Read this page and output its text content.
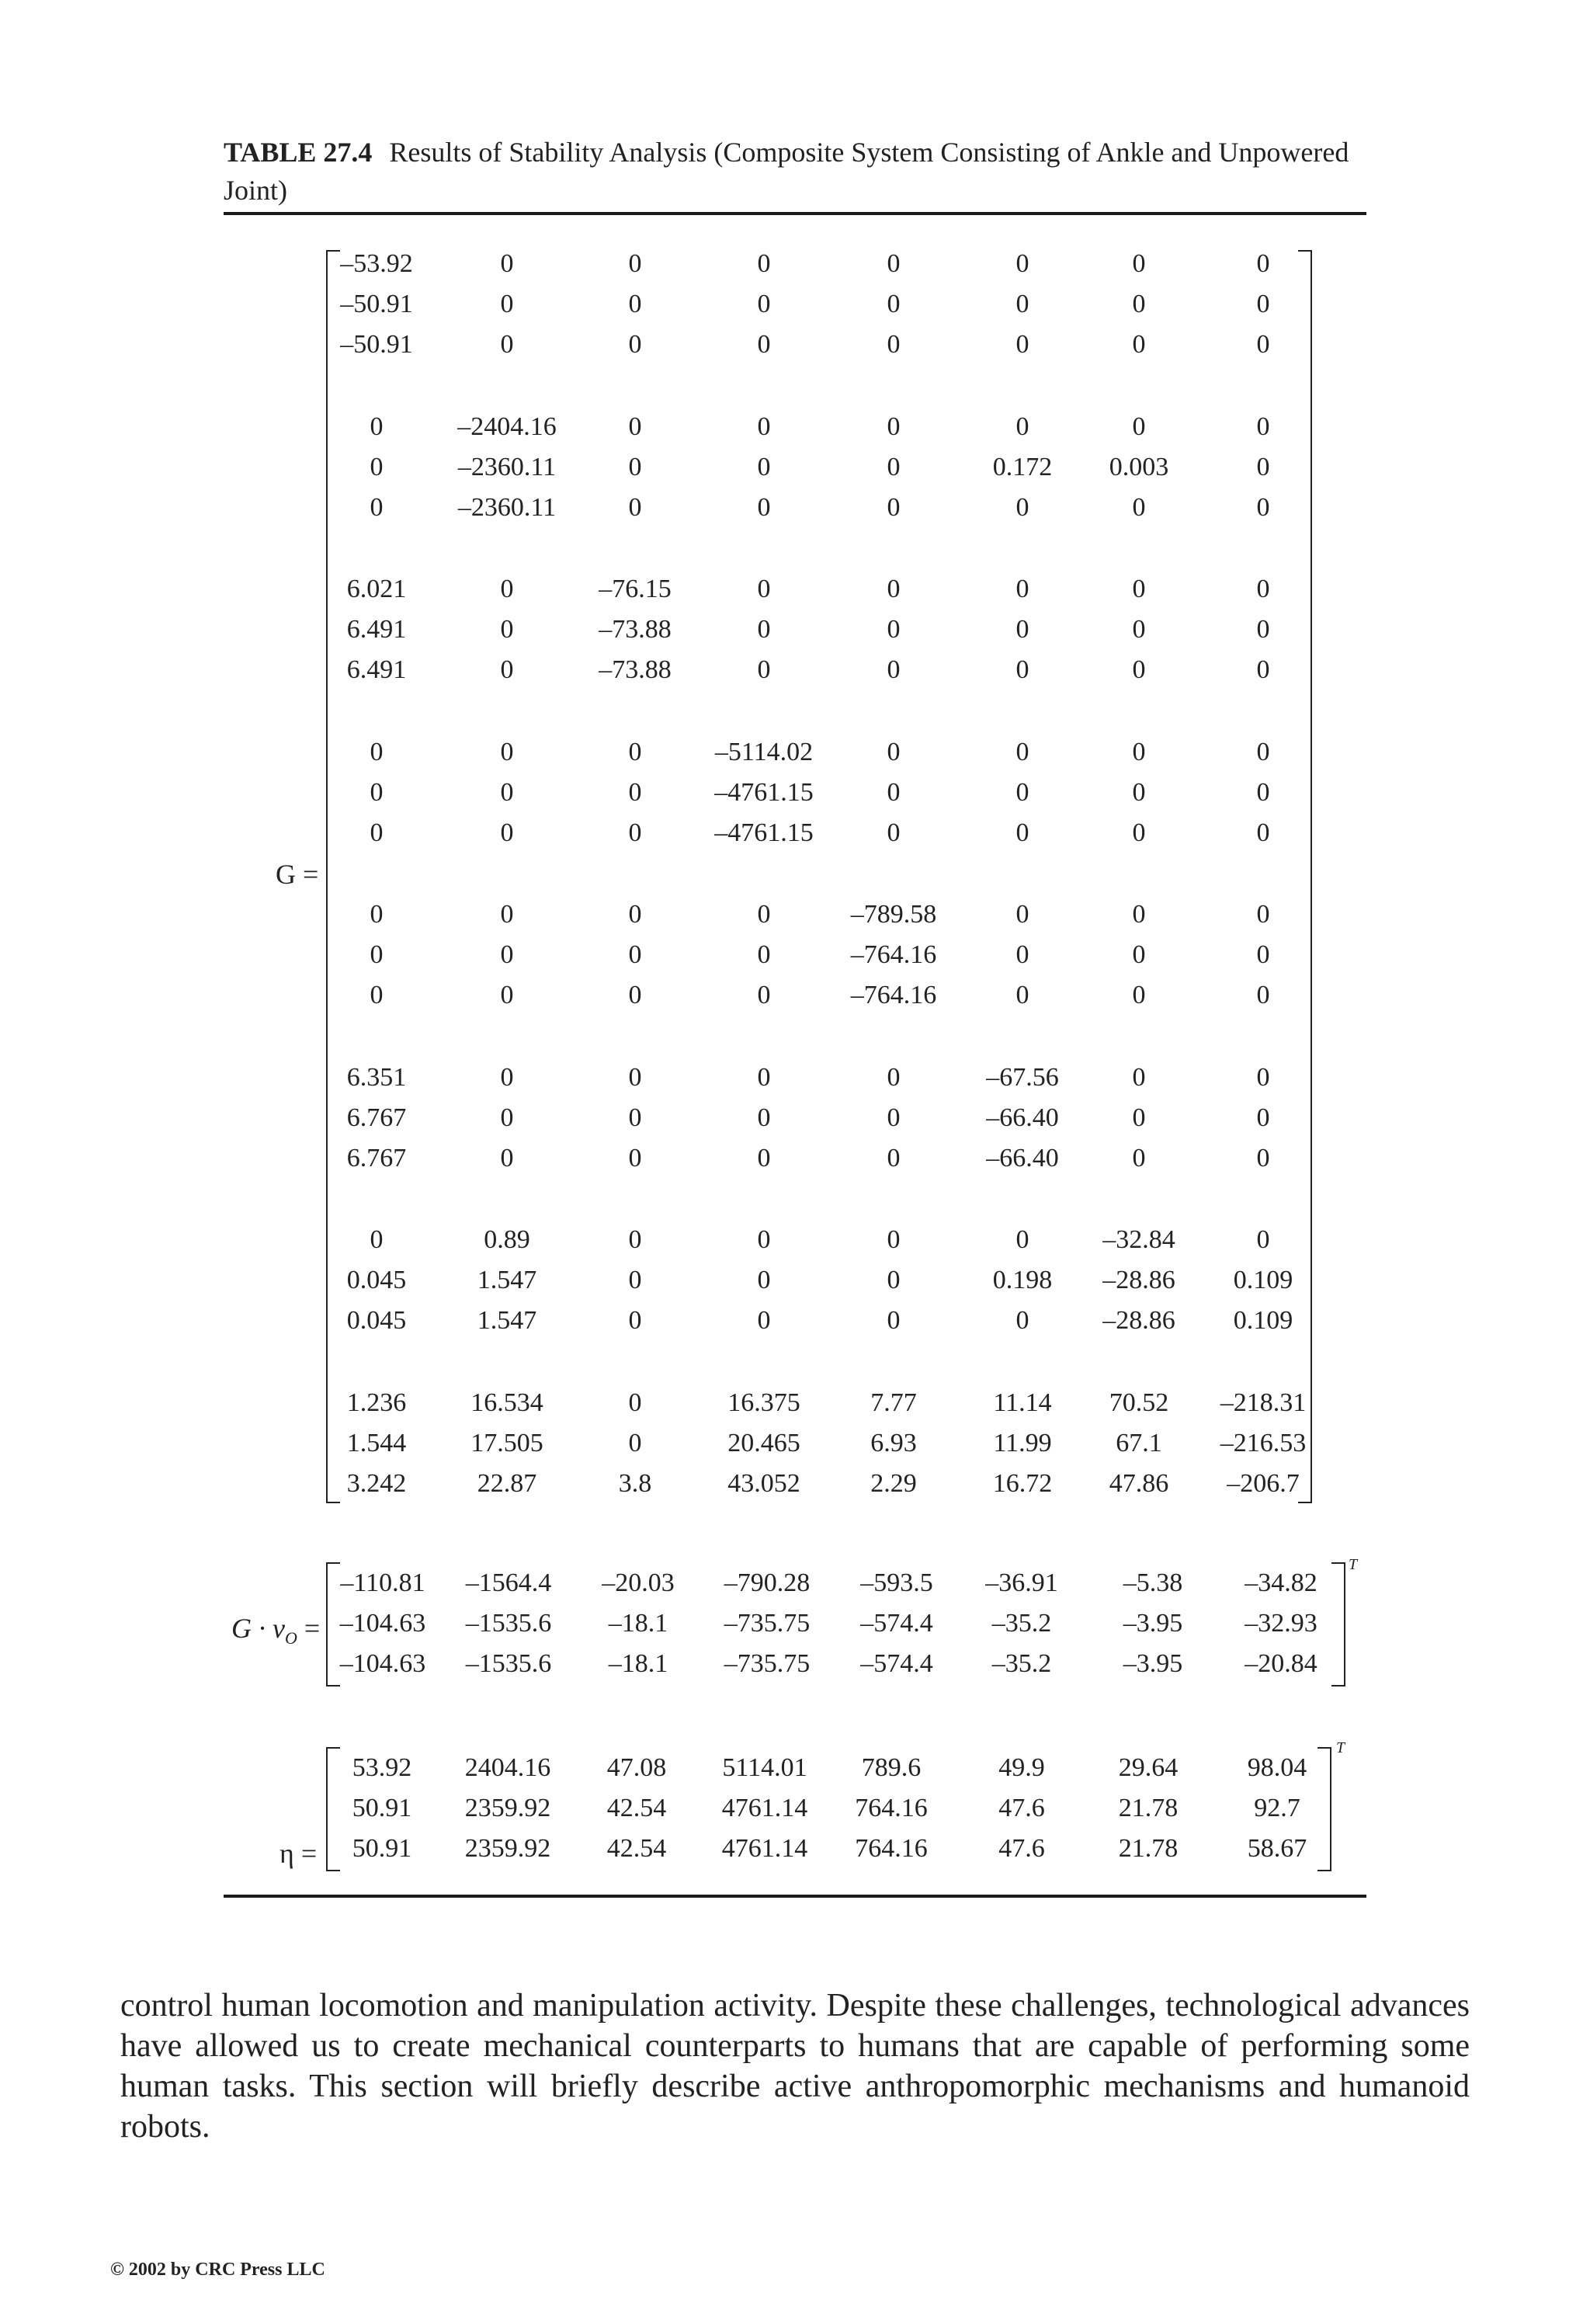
TABLE 27.4 Results of Stability Analysis (Composite System Consisting of Ankle and Unpowered Joint)
G =
–53.92	0	0	0	0	0	0	0
–50.91	0	0	0	0	0	0	0
–50.91	0	0	0	0	0	0	0
0	–2404.16	0	0	0	0	0	0
0	–2360.11	0	0	0	0.172 0.003	0
0	–2360.11	0	0	0	0	0	0
6.021	0	–76.15	0	0	0	0	0
6.491	0	–73.88	0	0	0	0	0
6.491	0	–73.88	0	0	0	0	0
0	0	0	–5114.02	0	0	0	0
0	0	0	–4761.15	0	0	0	0
0	0	0	–4761.15	0	0	0	0
0	0	0	0	–789.58	0	0	0
0	0	0	0	–764.16	0	0	0
0	0	0	0	–764.16	0	0	0
6.351	0	0	0	0	–67.56	0	0
6.767	0	0	0	0	–66.40	0	0
6.767	0	0	0	0	–66.40	0	0
0	0.89	0	0	0	0	–32.84	0
0.045	1.547	0	0	0	0.198 –28.86 0.109
0.045	1.547	0	0	0	0	–28.86 0.109
1.236 16.534	0	16.375	7.77	11.14 70.52 –218.31
1.544 17.505	0	20.465	6.93	11.99 67.1 –216.53
3.242	22.87	3.8	43.052	2.29	16.72 47.86 –206.7
$G \cdot v_O$ =
T
–110.81 –1564.4 –20.03 –790.28 –593.5 –36.91 –5.38 –34.82
–104.63 –1535.6 –18.1 –735.75 –574.4 –35.2	–3.95 –32.93
–104.63 –1535.6 –18.1 –735.75 –574.4 –35.2	–3.95 –20.84
η =
T
53.92 2404.16 47.08 5114.01 789.6	49.9	29.64	98.04
50.91 2359.92 42.54 4761.14 764.16	47.6	21.78	92.7
50.91 2359.92 42.54 4761.14 764.16	47.6	21.78	58.67
control human locomotion and manipulation activity. Despite these challenges, technological advances have allowed us to create mechanical counterparts to humans that are capable of performing some human tasks. This section will briefly describe active anthropomorphic mechanisms and humanoid robots.
© 2002 by CRC Press LLC
